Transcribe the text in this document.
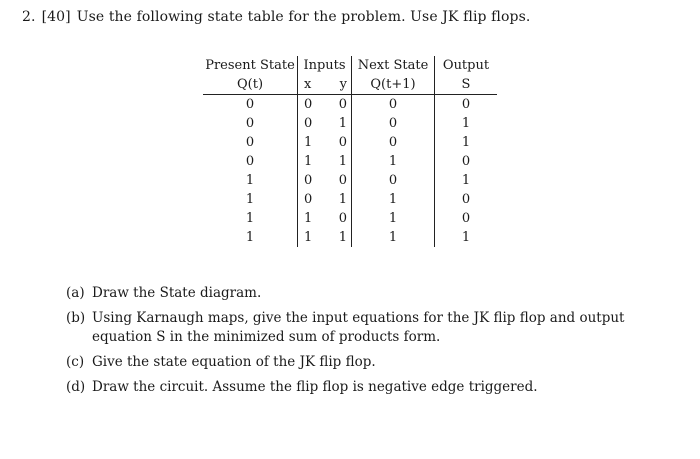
2. [40] Use the following state table for the problem. Use JK flip flops.
Present State	Inputs		Next State	Output
Q(t)	x	y	Q(t+1)	S
0	0	0	0	0
0	0	1	0	1
0	1	0	0	1
0	1	1	1	0
1	0	0	0	1
1	0	1	1	0
1	1	0	1	0
1	1	1	1	1
(a) Draw the State diagram.
(b) Using Karnaugh maps, give the input equations for the JK flip flop and output equation S in the minimized sum of products form.
(c) Give the state equation of the JK flip flop.
(d) Draw the circuit. Assume the flip flop is negative edge triggered.
